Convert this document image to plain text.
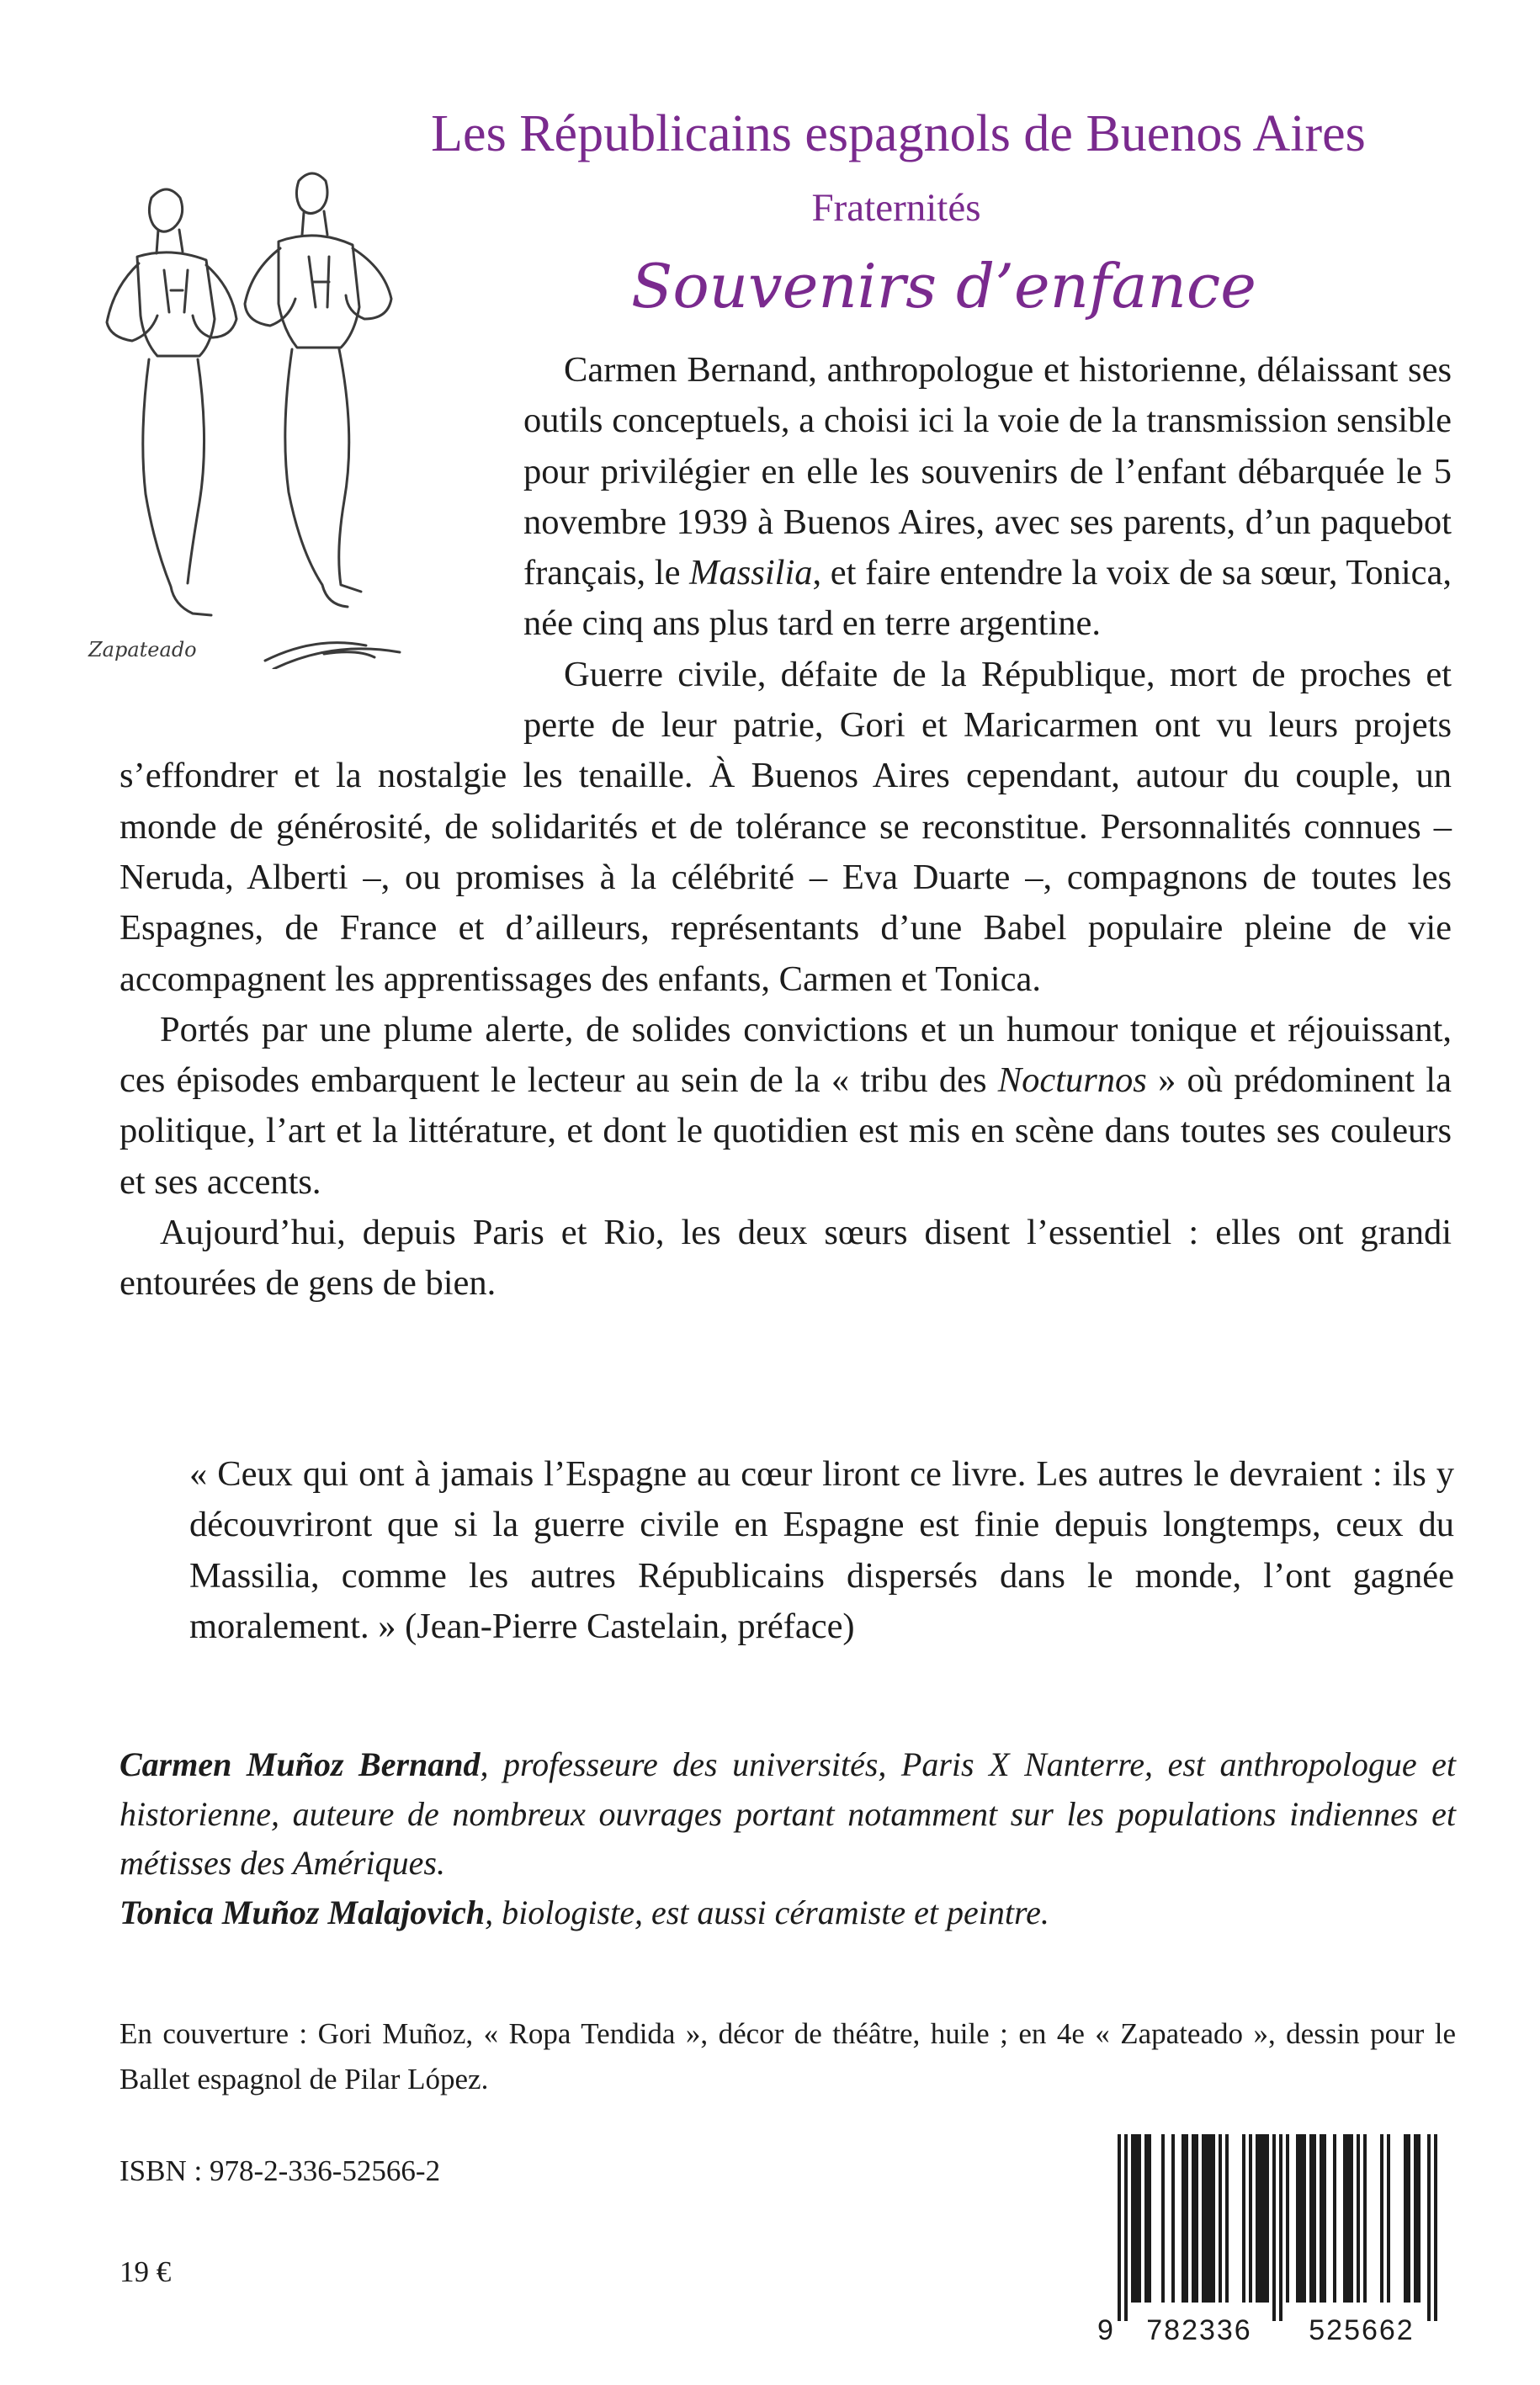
Les Républicains espagnols de Buenos Aires
Fraternités
Souvenirs d’enfance
Zapateado

Carmen Bernand, anthropologue et historienne, délaissant ses outils conceptuels, a choisi ici la voie de la transmission sensible pour privilégier en elle les souvenirs de l’enfant débarquée le 5 novembre 1939 à Buenos Aires, avec ses parents, d’un paquebot français, le Massilia, et faire entendre la voix de sa sœur, Tonica, née cinq ans plus tard en terre argentine.

Guerre civile, défaite de la République, mort de proches et perte de leur patrie, Gori et Maricarmen ont vu leurs projets s’effondrer et la nostalgie les tenaille. À Buenos Aires cependant, autour du couple, un monde de générosité, de solidarités et de tolérance se reconstitue. Personnalités connues – Neruda, Alberti –, ou promises à la célébrité – Eva Duarte –, compagnons de toutes les Espagnes, de France et d’ailleurs, représentants d’une Babel populaire pleine de vie accompagnent les apprentissages des enfants, Carmen et Tonica.

Portés par une plume alerte, de solides convictions et un humour tonique et réjouissant, ces épisodes embarquent le lecteur au sein de la « tribu des Nocturnos » où prédominent la politique, l’art et la littérature, et dont le quotidien est mis en scène dans toutes ses couleurs et ses accents.

Aujourd’hui, depuis Paris et Rio, les deux sœurs disent l’essentiel : elles ont grandi entourées de gens de bien.

« Ceux qui ont à jamais l’Espagne au cœur liront ce livre. Les autres le devraient : ils y découvriront que si la guerre civile en Espagne est finie depuis longtemps, ceux du Massilia, comme les autres Républicains dispersés dans le monde, l’ont gagnée moralement. » (Jean-Pierre Castelain, préface)

Carmen Muñoz Bernand, professeure des universités, Paris X Nanterre, est anthropologue et historienne, auteure de nombreux ouvrages portant notamment sur les populations indiennes et métisses des Amériques.

Tonica Muñoz Malajovich, biologiste, est aussi céramiste et peintre.

En couverture : Gori Muñoz, « Ropa Tendida », décor de théâtre, huile ; en 4e « Zapateado », dessin pour le Ballet espagnol de Pilar López.
ISBN : 978-2-336-52566-2
19 €
9 782336 525662
